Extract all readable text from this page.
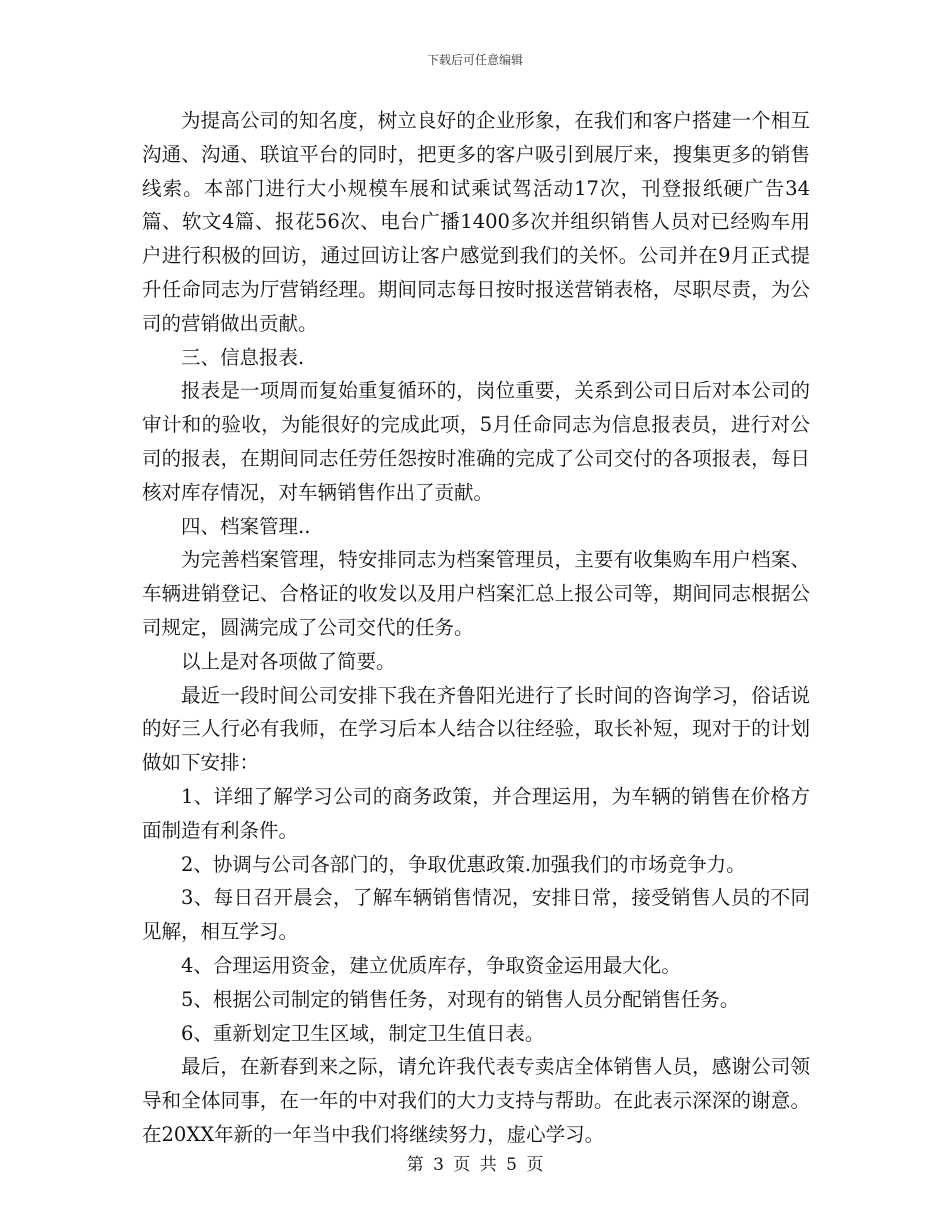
下载后可任意编辑

为提高公司的知名度，树立良好的企业形象，在我们和客户搭建一个相互沟通、沟通、联谊平台的同时，把更多的客户吸引到展厅来，搜集更多的销售线索。本部门进行大小规模车展和试乘试驾活动17次，刊登报纸硬广告34篇、软文4篇、报花56次、电台广播1400多次并组织销售人员对已经购车用户进行积极的回访，通过回访让客户感觉到我们的关怀。公司并在9月正式提升任命同志为厅营销经理。期间同志每日按时报送营销表格，尽职尽责，为公司的营销做出贡献。

三、信息报表.

报表是一项周而复始重复循环的，岗位重要，关系到公司日后对本公司的审计和的验收，为能很好的完成此项，5月任命同志为信息报表员，进行对公司的报表，在期间同志任劳任怨按时准确的完成了公司交付的各项报表，每日核对库存情况，对车辆销售作出了贡献。

四、档案管理..

为完善档案管理，特安排同志为档案管理员，主要有收集购车用户档案、车辆进销登记、合格证的收发以及用户档案汇总上报公司等，期间同志根据公司规定，圆满完成了公司交代的任务。

以上是对各项做了简要。

最近一段时间公司安排下我在齐鲁阳光进行了长时间的咨询学习，俗话说的好三人行必有我师，在学习后本人结合以往经验，取长补短，现对于的计划做如下安排：

1、详细了解学习公司的商务政策，并合理运用，为车辆的销售在价格方面制造有利条件。

2、协调与公司各部门的，争取优惠政策.加强我们的市场竞争力。

3、每日召开晨会，了解车辆销售情况，安排日常，接受销售人员的不同见解，相互学习。

4、合理运用资金，建立优质库存，争取资金运用最大化。

5、根据公司制定的销售任务，对现有的销售人员分配销售任务。

6、重新划定卫生区域，制定卫生值日表。

最后，在新春到来之际，请允许我代表专卖店全体销售人员，感谢公司领导和全体同事，在一年的中对我们的大力支持与帮助。在此表示深深的谢意。在20XX年新的一年当中我们将继续努力，虚心学习。

第 3 页 共 5 页
